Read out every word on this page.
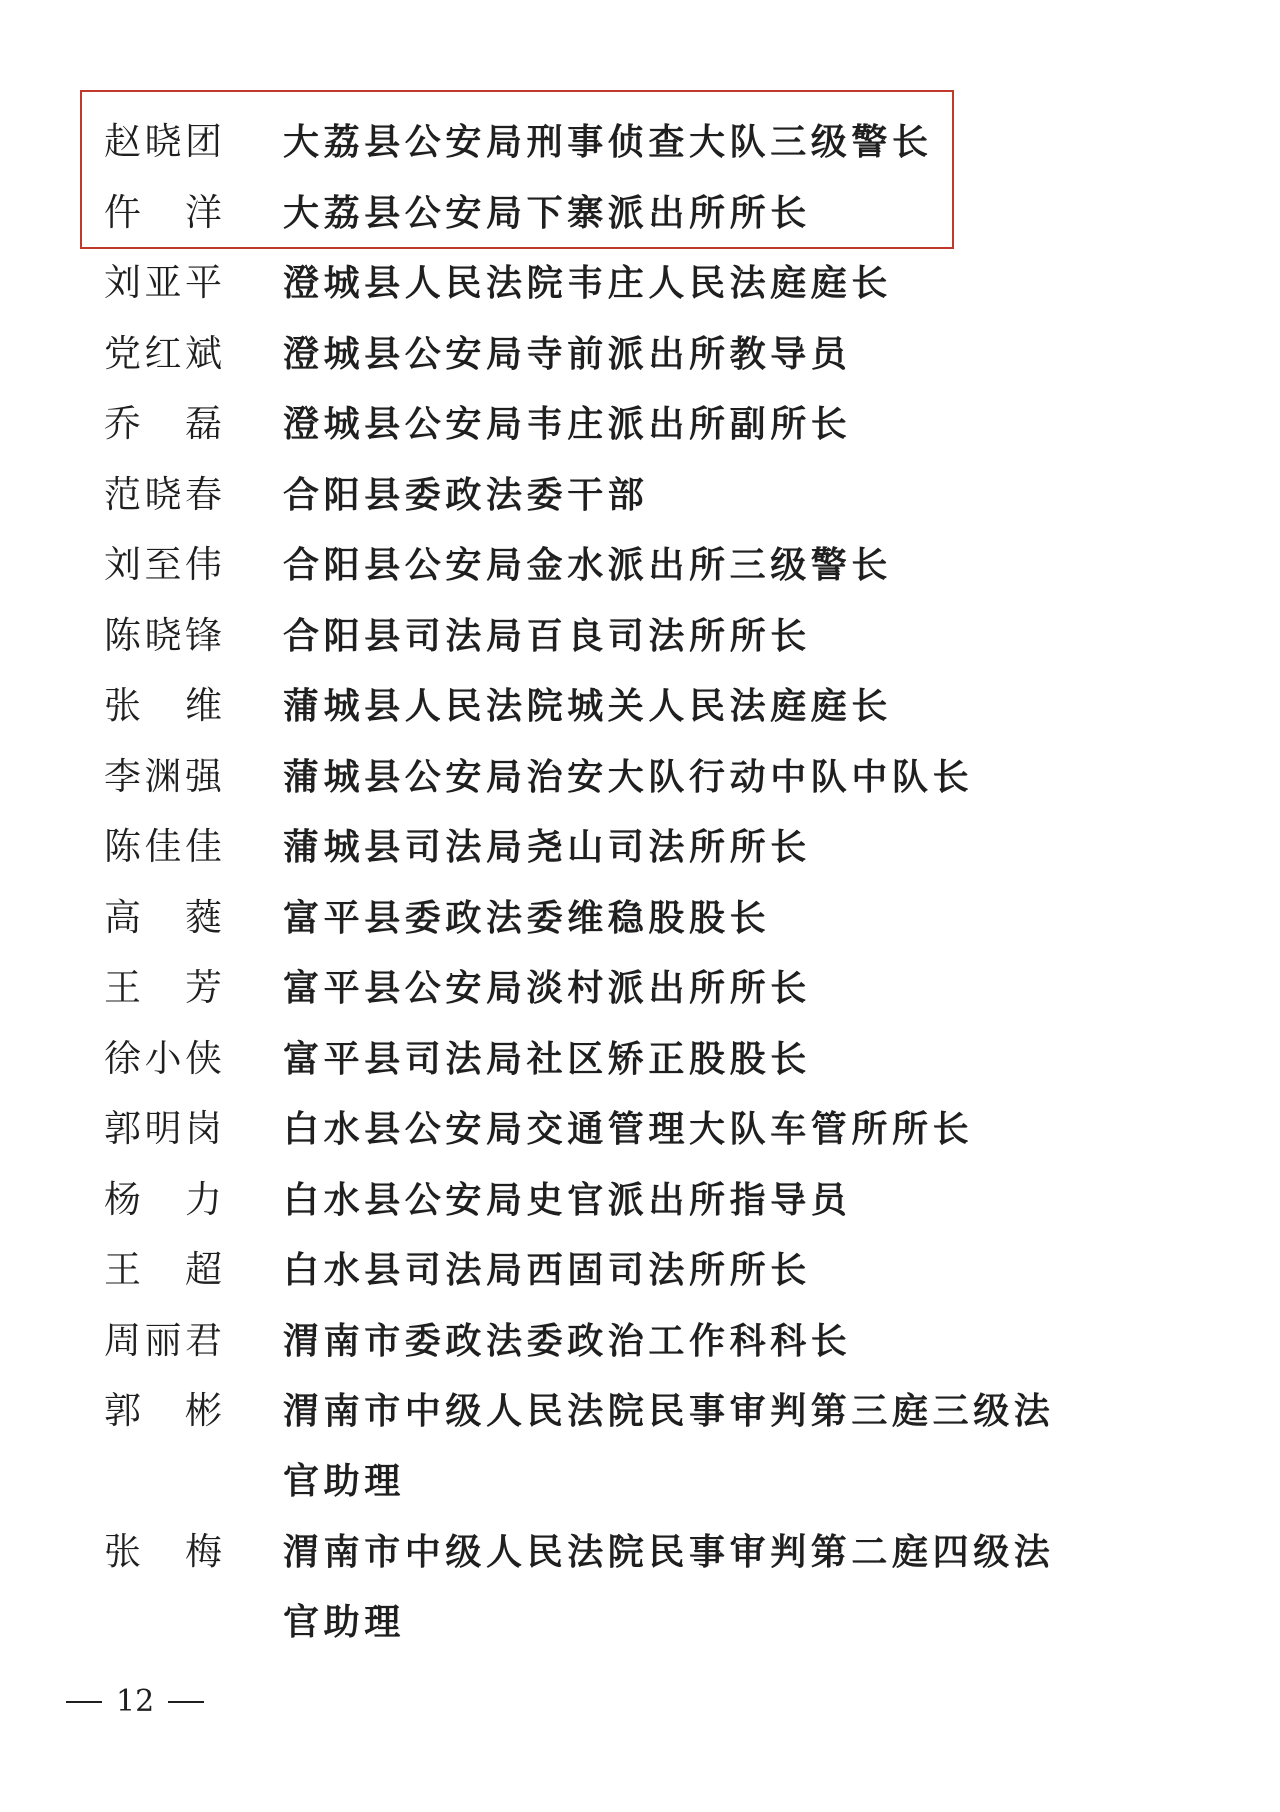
赵 晓 团 大荔县公安局刑事侦查大队三级警长
仵 洋 大荔县公安局下寨派出所所长
刘 亚 平 澄城县人民法院韦庄人民法庭庭长
党 红 斌 澄城县公安局寺前派出所教导员
乔 磊 澄城县公安局韦庄派出所副所长
范 晓 春 合阳县委政法委干部
刘 至 伟 合阳县公安局金水派出所三级警长
陈 晓 锋 合阳县司法局百良司法所所长
张 维 蒲城县人民法院城关人民法庭庭长
李 渊 强 蒲城县公安局治安大队行动中队中队长
陈 佳 佳 蒲城县司法局尧山司法所所长
高 蕤 富平县委政法委维稳股股长
王 芳 富平县公安局淡村派出所所长
徐 小 侠 富平县司法局社区矫正股股长
郭 明 岗 白水县公安局交通管理大队车管所所长
杨 力 白水县公安局史官派出所指导员
王 超 白水县司法局西固司法所所长
周 丽 君 渭南市委政法委政治工作科科长
郭 彬 渭南市中级人民法院民事审判第三庭三级法官助理
张 梅 渭南市中级人民法院民事审判第二庭四级法官助理
12
